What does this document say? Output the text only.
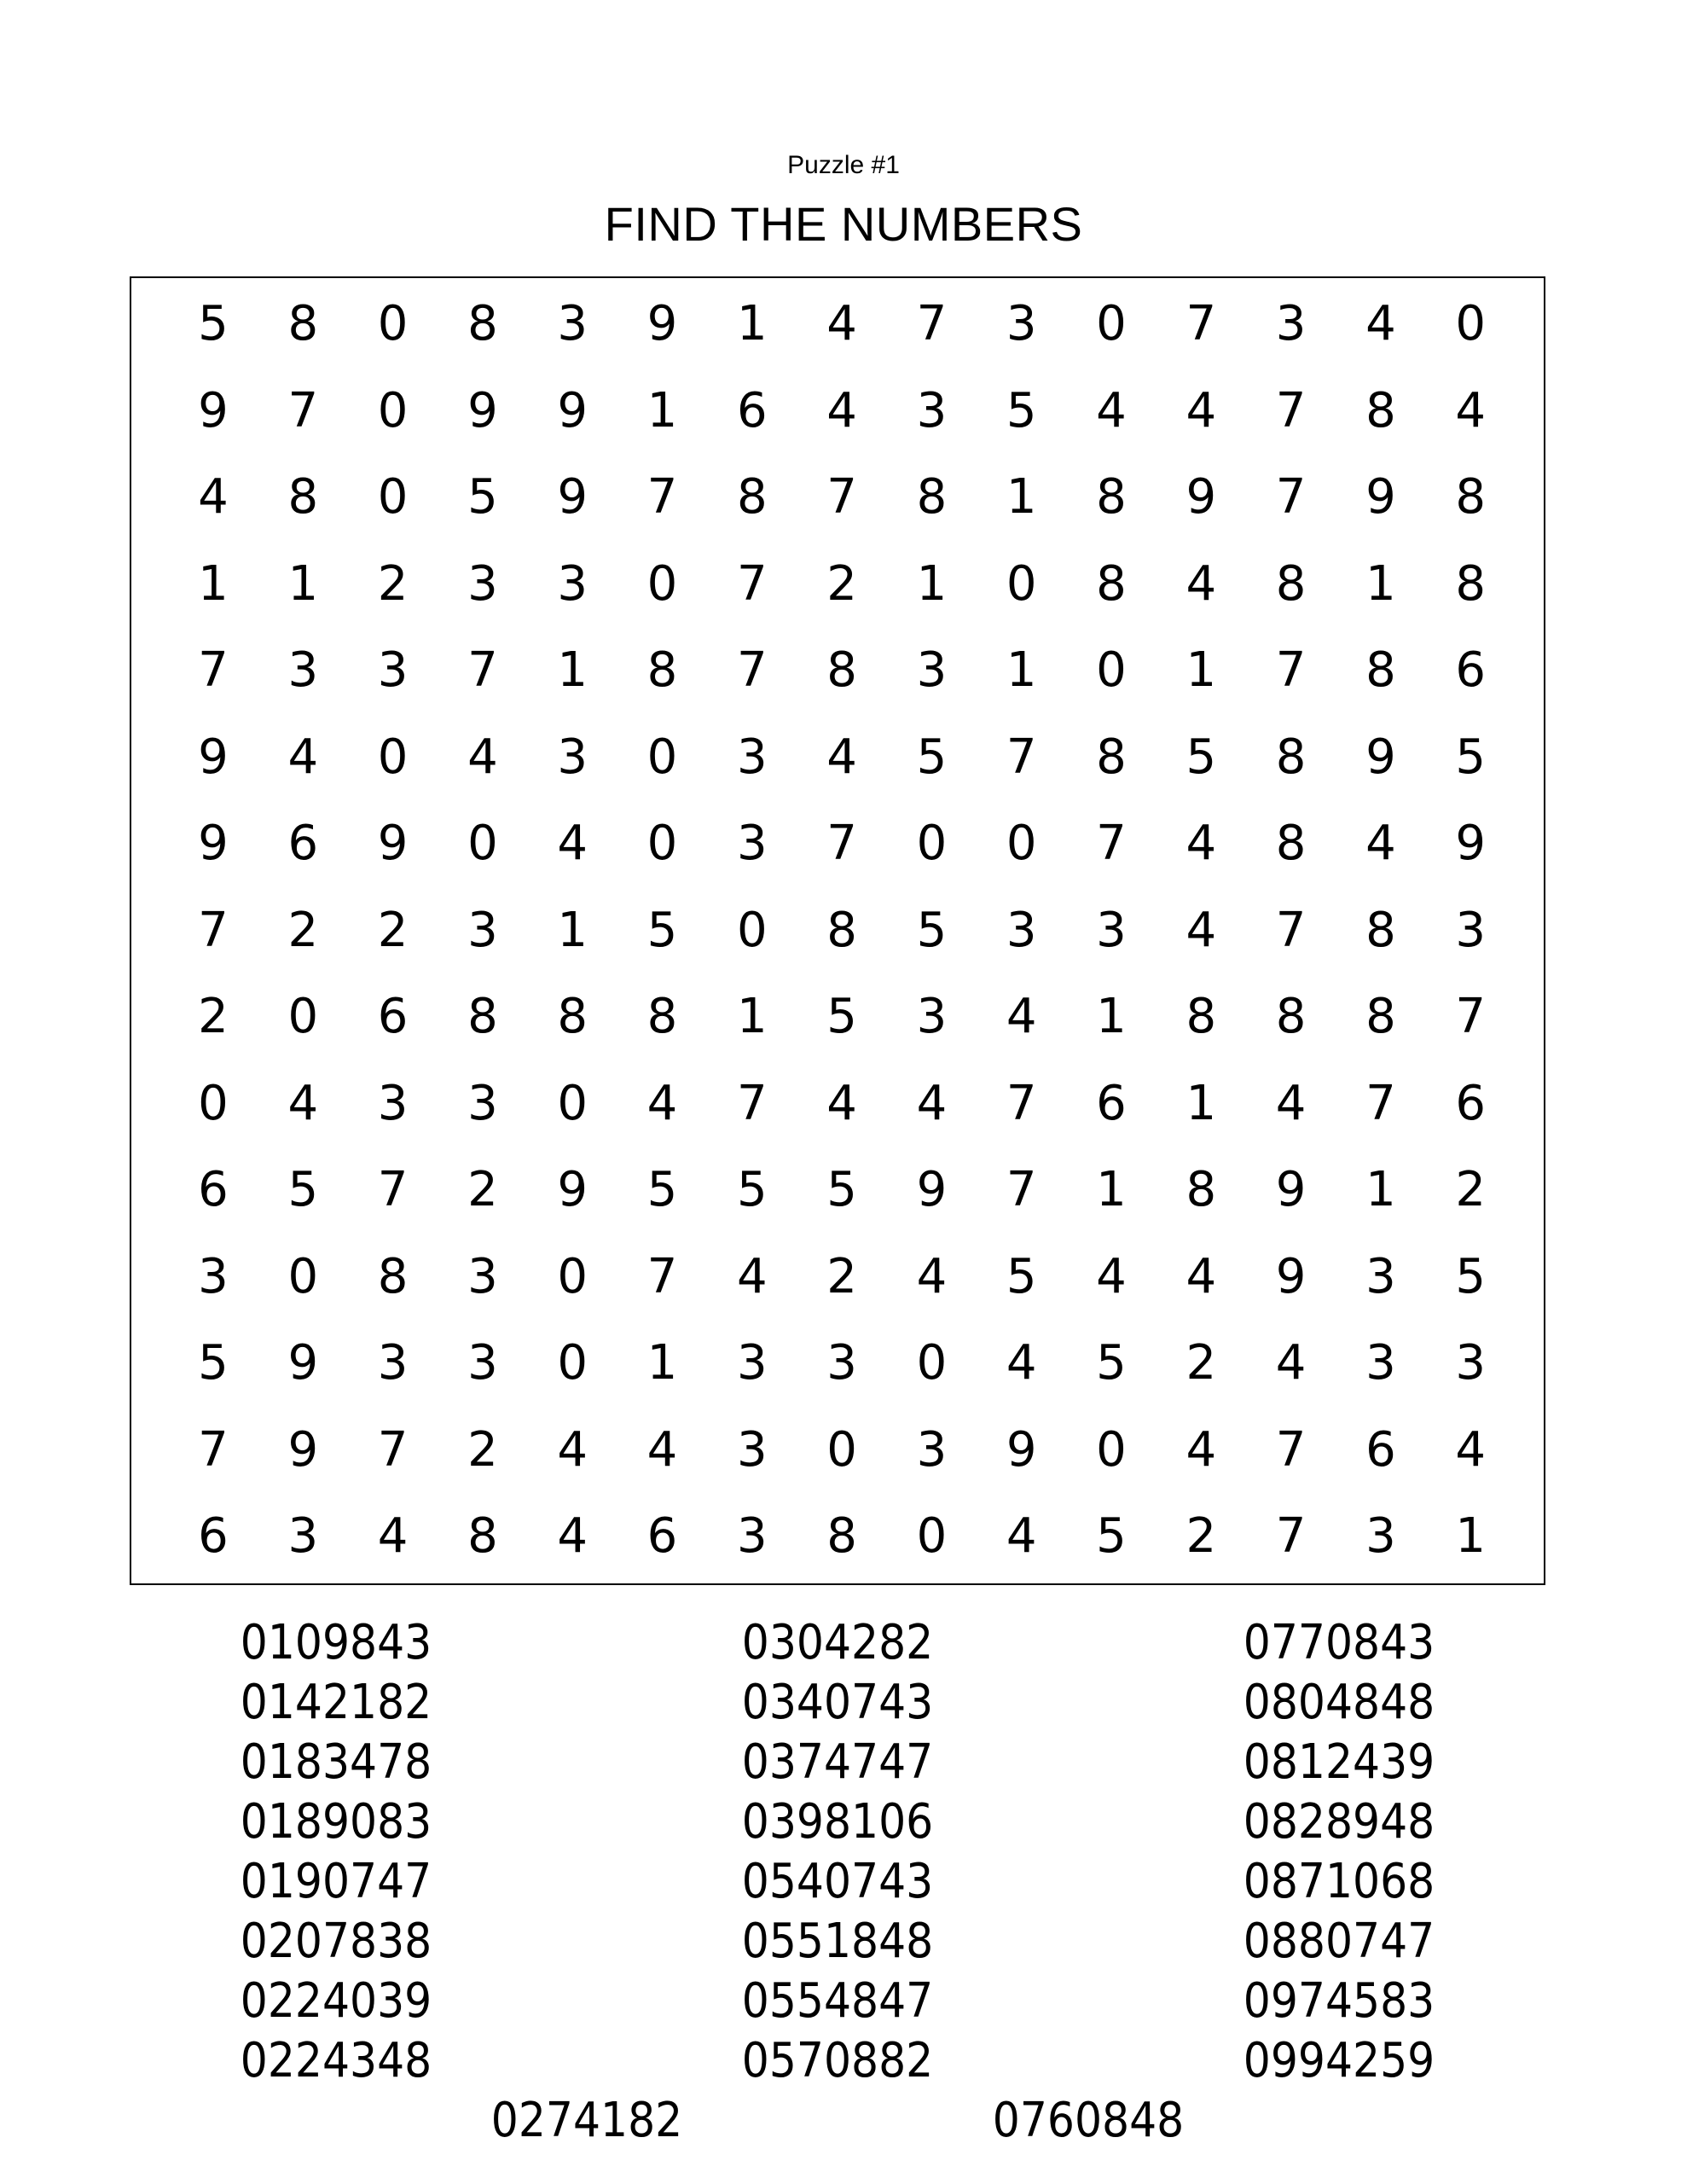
Puzzle #1
FIND THE NUMBERS
5	8	0	8	3	9	1	4	7	3	0	7	3	4	0
9	7	0	9	9	1	6	4	3	5	4	4	7	8	4
4	8	0	5	9	7	8	7	8	1	8	9	7	9	8
1	1	2	3	3	0	7	2	1	0	8	4	8	1	8
7	3	3	7	1	8	7	8	3	1	0	1	7	8	6
9	4	0	4	3	0	3	4	5	7	8	5	8	9	5
9	6	9	0	4	0	3	7	0	0	7	4	8	4	9
7	2	2	3	1	5	0	8	5	3	3	4	7	8	3
2	0	6	8	8	8	1	5	3	4	1	8	8	8	7
0	4	3	3	0	4	7	4	4	7	6	1	4	7	6
6	5	7	2	9	5	5	5	9	7	1	8	9	1	2
3	0	8	3	0	7	4	2	4	5	4	4	9	3	5
5	9	3	3	0	1	3	3	0	4	5	2	4	3	3
7	9	7	2	4	4	3	0	3	9	0	4	7	6	4
6	3	4	8	4	6	3	8	0	4	5	2	7	3	1
0109843
0142182
0183478
0189083
0190747
0207838
0224039
0224348
0304282
0340743
0374747
0398106
0540743
0551848
0554847
0570882
0770843
0804848
0812439
0828948
0871068
0880747
0974583
0994259
0274182	0760848
